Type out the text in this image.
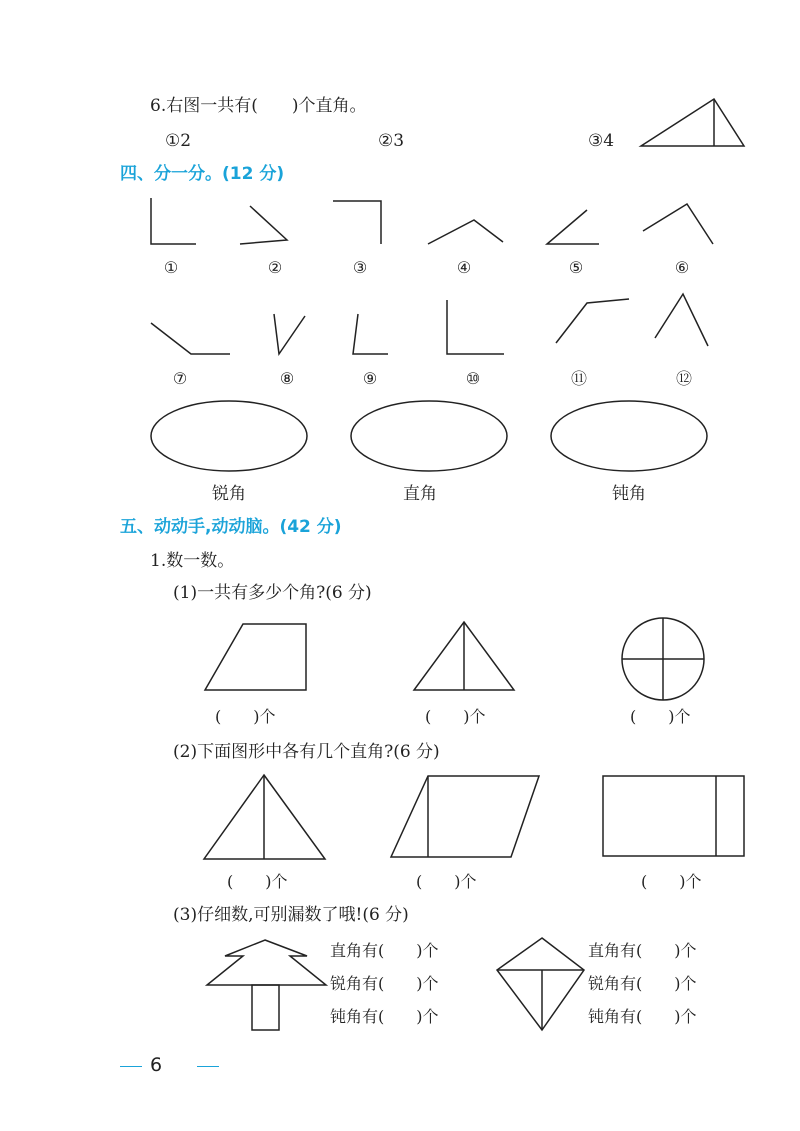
6.右图一共有(　　)个直角。
①2	②3	③4
四、分一分。(12 分)
①	②	③	④	⑤	⑥
⑦	⑧	⑨	⑩	⑪	⑫
锐角	直角	钝角
五、动动手,动动脑。(42 分)
1.数一数。
(1)一共有多少个角?(6 分)
(　　)个	(　　)个	(　　)个
(2)下面图形中各有几个直角?(6 分)
(　　)个	(　　)个	(　　)个
(3)仔细数,可别漏数了哦!(6 分)
直角有(　　)个
锐角有(　　)个
钝角有(　　)个
直角有(　　)个
锐角有(　　)个
钝角有(　　)个
6
